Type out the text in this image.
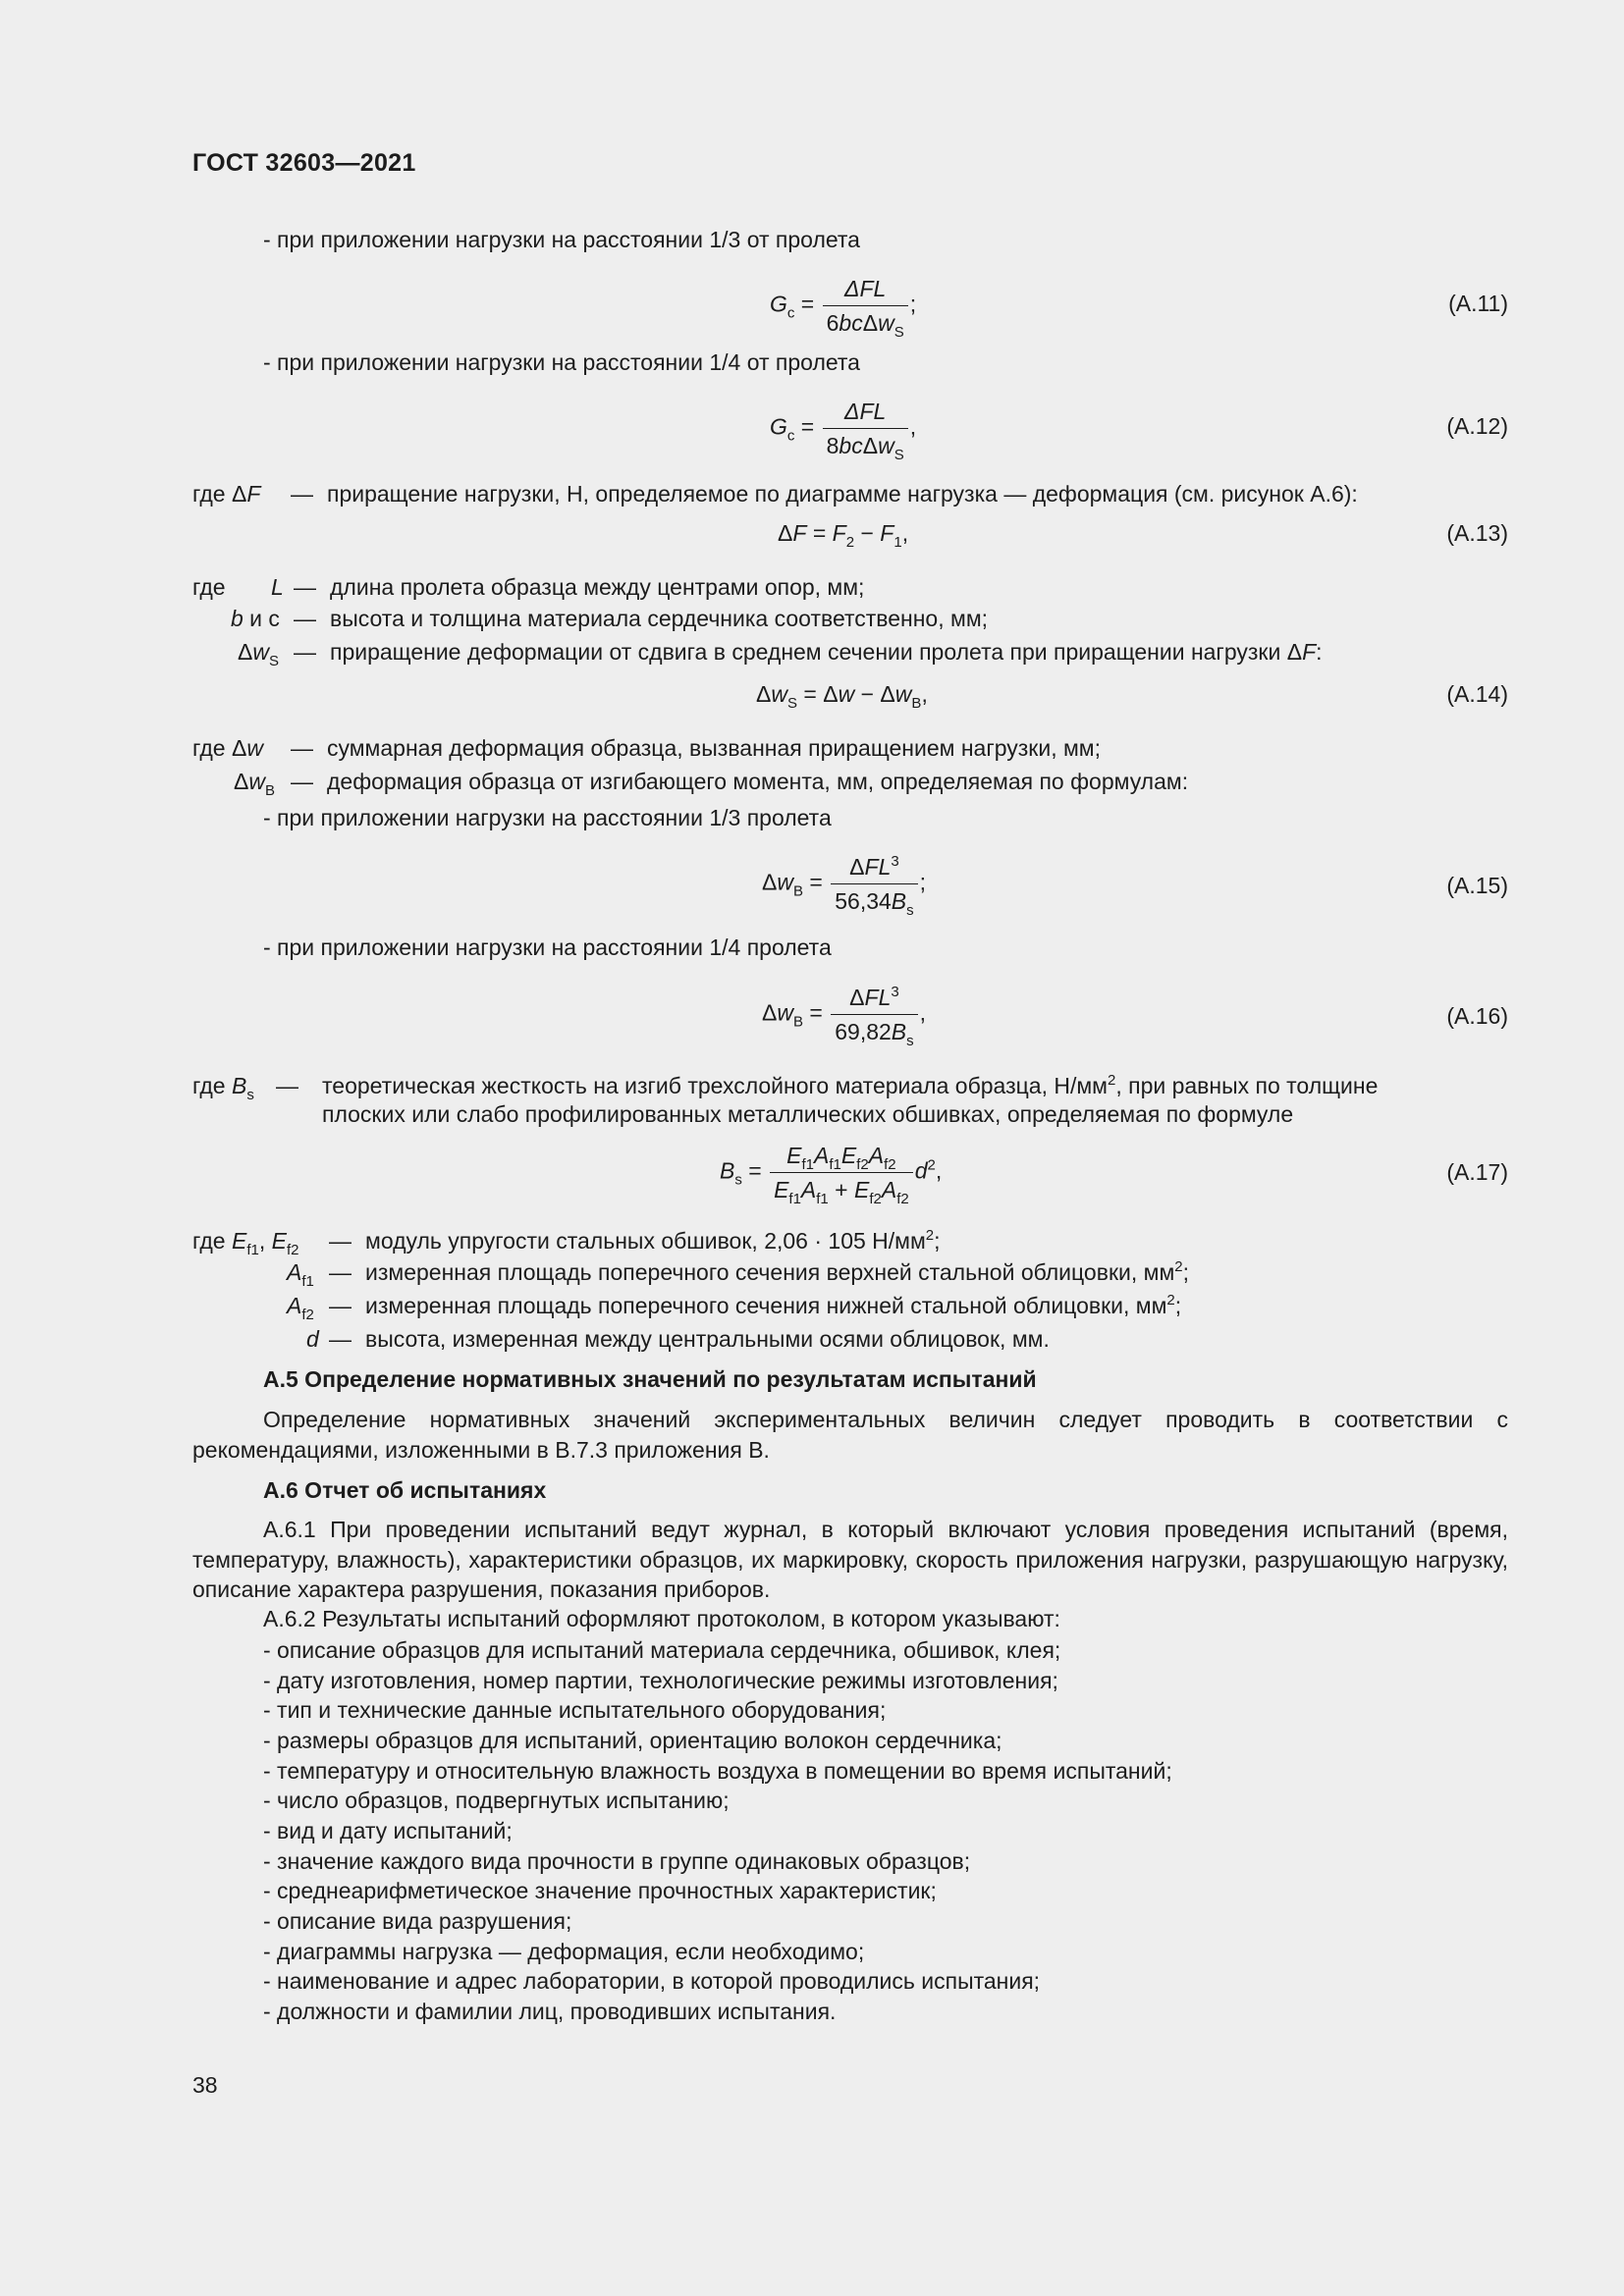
ГОСТ 32603—2021
- при приложении нагрузки на расстоянии 1/3 от пролета
$G_c = \frac{\text{ΔFL}}{6bc\Delta w_S}$ ;	(А.11)
- при приложении нагрузки на расстоянии 1/4 от пролета
$G_c = \frac{\text{ΔFL}}{8bc\Delta w_S}$ ,	(А.12)
где ΔF — приращение нагрузки, Н, определяемое по диаграмме нагрузка — деформация (см. рисунок А.6):
$\Delta F = F_2 - F_1$,	(А.13)
где L — длина пролета образца между центрами опор, мм;
b и с — высота и толщина материала сердечника соответственно, мм;
$\Delta w_S$ — приращение деформации от сдвига в среднем сечении пролета при приращении нагрузки ΔF:
$\Delta w_S = \Delta w - \Delta w_B$,	(А.14)
где Δw — суммарная деформация образца, вызванная приращением нагрузки, мм;
$\Delta w_B$ — деформация образца от изгибающего момента, мм, определяемая по формулам:
- при приложении нагрузки на расстоянии 1/3 пролета
$\Delta w_B = \frac{\Delta FL^3}{56,34B_s}$ ;	(А.15)
- при приложении нагрузки на расстоянии 1/4 пролета
$\Delta w_B = \frac{\Delta FL^3}{69,82B_s}$ ,	(А.16)
где $B_s$ — теоретическая жесткость на изгиб трехслойного материала образца, $Н/мм^2$, при равных по толщине
плоских или слабо профилированных металлических обшивках, определяемая по формуле
$B_s = \frac{E_{f1}A_{f1}E_{f2}A_{f2}}{E_{f1}A_{f1} + E_{f2}A_{f2}} d^2$,	(А.17)
где $E_{f1}$, $E_{f2}$ — модуль упругости стальных обшивок, 2,06 · 105 $Н/мм^2$;
$A_{f1}$ — измеренная площадь поперечного сечения верхней стальной облицовки, $мм^2$;
$A_{f2}$ — измеренная площадь поперечного сечения нижней стальной облицовки, $мм^2$;
d — высота, измеренная между центральными осями облицовок, мм.
А.5 Определение нормативных значений по результатам испытаний
Определение нормативных значений экспериментальных величин следует проводить в соответствии с рекомендациями, изложенными в В.7.3 приложения В.
А.6 Отчет об испытаниях
А.6.1 При проведении испытаний ведут журнал, в который включают условия проведения испытаний (время, температуру, влажность), характеристики образцов, их маркировку, скорость приложения нагрузки, разрушающую нагрузку, описание характера разрушения, показания приборов.
А.6.2 Результаты испытаний оформляют протоколом, в котором указывают:
- описание образцов для испытаний материала сердечника, обшивок, клея;
- дату изготовления, номер партии, технологические режимы изготовления;
- тип и технические данные испытательного оборудования;
- размеры образцов для испытаний, ориентацию волокон сердечника;
- температуру и относительную влажность воздуха в помещении во время испытаний;
- число образцов, подвергнутых испытанию;
- вид и дату испытаний;
- значение каждого вида прочности в группе одинаковых образцов;
- среднеарифметическое значение прочностных характеристик;
- описание вида разрушения;
- диаграммы нагрузка — деформация, если необходимо;
- наименование и адрес лаборатории, в которой проводились испытания;
- должности и фамилии лиц, проводивших испытания.
38
